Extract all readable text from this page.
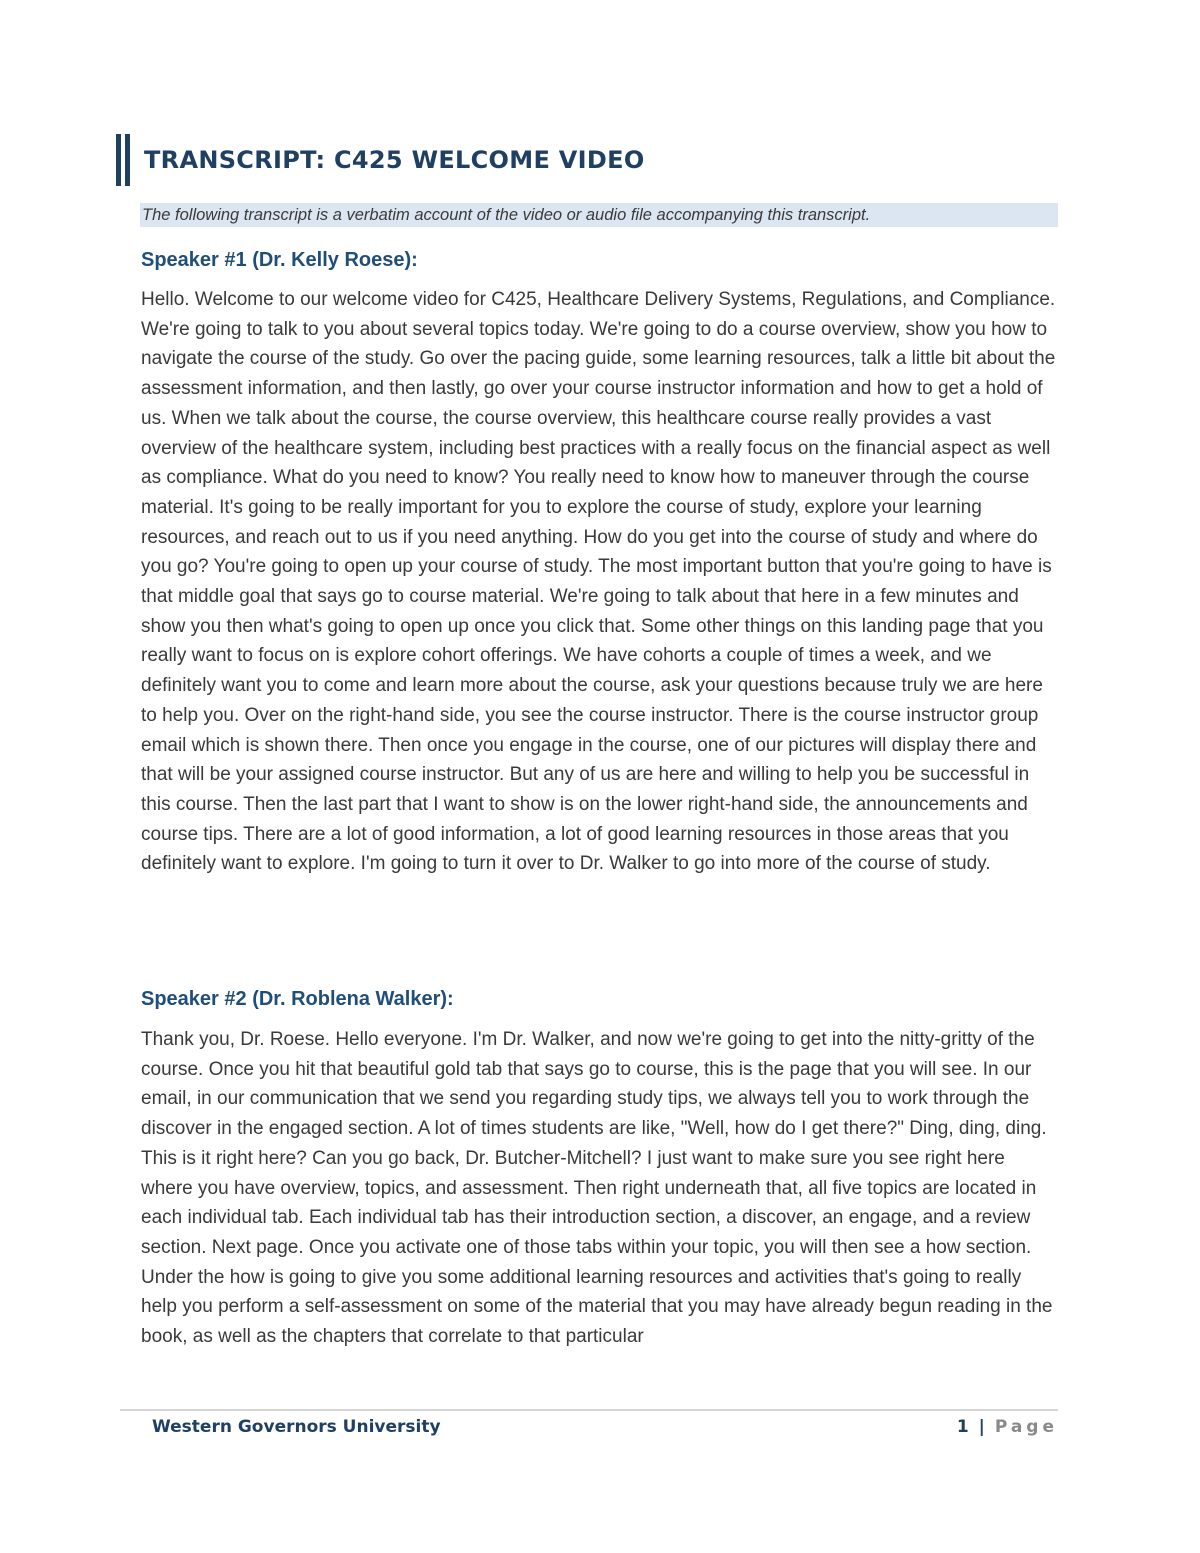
TRANSCRIPT: C425 WELCOME VIDEO
The following transcript is a verbatim account of the video or audio file accompanying this transcript.
Speaker #1 (Dr. Kelly Roese):
Hello. Welcome to our welcome video for C425, Healthcare Delivery Systems, Regulations, and Compliance. We're going to talk to you about several topics today. We're going to do a course overview, show you how to navigate the course of the study. Go over the pacing guide, some learning resources, talk a little bit about the assessment information, and then lastly, go over your course instructor information and how to get a hold of us. When we talk about the course, the course overview, this healthcare course really provides a vast overview of the healthcare system, including best practices with a really focus on the financial aspect as well as compliance. What do you need to know? You really need to know how to maneuver through the course material. It's going to be really important for you to explore the course of study, explore your learning resources, and reach out to us if you need anything. How do you get into the course of study and where do you go? You're going to open up your course of study. The most important button that you're going to have is that middle goal that says go to course material. We're going to talk about that here in a few minutes and show you then what's going to open up once you click that. Some other things on this landing page that you really want to focus on is explore cohort offerings. We have cohorts a couple of times a week, and we definitely want you to come and learn more about the course, ask your questions because truly we are here to help you. Over on the right-hand side, you see the course instructor. There is the course instructor group email which is shown there. Then once you engage in the course, one of our pictures will display there and that will be your assigned course instructor. But any of us are here and willing to help you be successful in this course. Then the last part that I want to show is on the lower right-hand side, the announcements and course tips. There are a lot of good information, a lot of good learning resources in those areas that you definitely want to explore. I'm going to turn it over to Dr. Walker to go into more of the course of study.
Speaker #2 (Dr. Roblena Walker):
Thank you, Dr. Roese. Hello everyone. I'm Dr. Walker, and now we're going to get into the nitty-gritty of the course. Once you hit that beautiful gold tab that says go to course, this is the page that you will see. In our email, in our communication that we send you regarding study tips, we always tell you to work through the discover in the engaged section. A lot of times students are like, "Well, how do I get there?" Ding, ding, ding. This is it right here? Can you go back, Dr. Butcher-Mitchell? I just want to make sure you see right here where you have overview, topics, and assessment. Then right underneath that, all five topics are located in each individual tab. Each individual tab has their introduction section, a discover, an engage, and a review section. Next page. Once you activate one of those tabs within your topic, you will then see a how section. Under the how is going to give you some additional learning resources and activities that's going to really help you perform a self-assessment on some of the material that you may have already begun reading in the book, as well as the chapters that correlate to that particular
Western Governors University	1 | Page
